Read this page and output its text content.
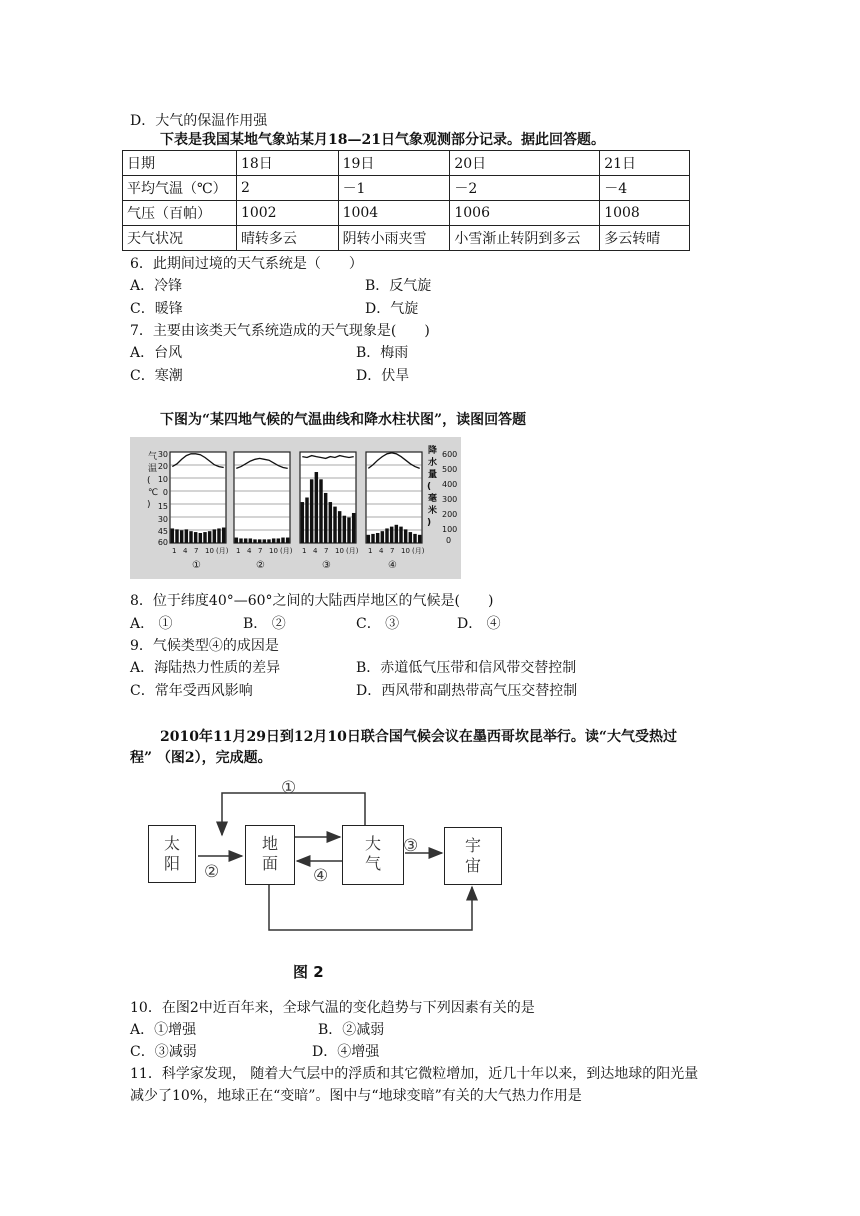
D．大气的保温作用强
下表是我国某地气象站某月18—21日气象观测部分记录。据此回答题。
日期	18日	19日	20日	21日
平均气温（℃）	2	－1	－2	－4
气压（百帕）	1002	1004	1006	1008
天气状况	晴转多云	阴转小雨夹雪	小雪渐止转阴到多云	多云转晴
6．此期间过境的天气系统是（　　）
A．冷锋	B．反气旋
C．暖锋	D．气旋
7．主要由该类天气系统造成的天气现象是(　　)
A．台风	B．梅雨
C．寒潮	D．伏旱
下图为“某四地气候的气温曲线和降水柱状图”，读图回答题
气
温
(
℃
)
30
20
10
0
15
30
45
60
1 4 7 10 (月)
①
1 4 7 10 (月)
②
1 4 7 10 (月)
③
1 4 7 10 (月)
④
降
水
量
(
毫
米
)
600
500
400
300
200
100
0
8．位于纬度40°—60°之间的大陆西岸地区的气候是(　　)
A． ①	B． ②	C． ③	D． ④
9．气候类型④的成因是
A．海陆热力性质的差异	B．赤道低气压带和信风带交替控制
C．常年受西风影响	D．西风带和副热带高气压交替控制
2010年11月29日到12月10日联合国气候会议在墨西哥坎昆举行。读“大气受热过
程” （图2），完成题。
太
阳
地
面
大
气
宇
宙
①
②
③
④
图 2
10．在图2中近百年来，全球气温的变化趋势与下列因素有关的是
A．①增强	B．②减弱
C．③减弱	D．④增强
11．科学家发现， 随着大气层中的浮质和其它微粒增加，近几十年以来，到达地球的阳光量
减少了10%，地球正在“变暗”。图中与“地球变暗”有关的大气热力作用是
